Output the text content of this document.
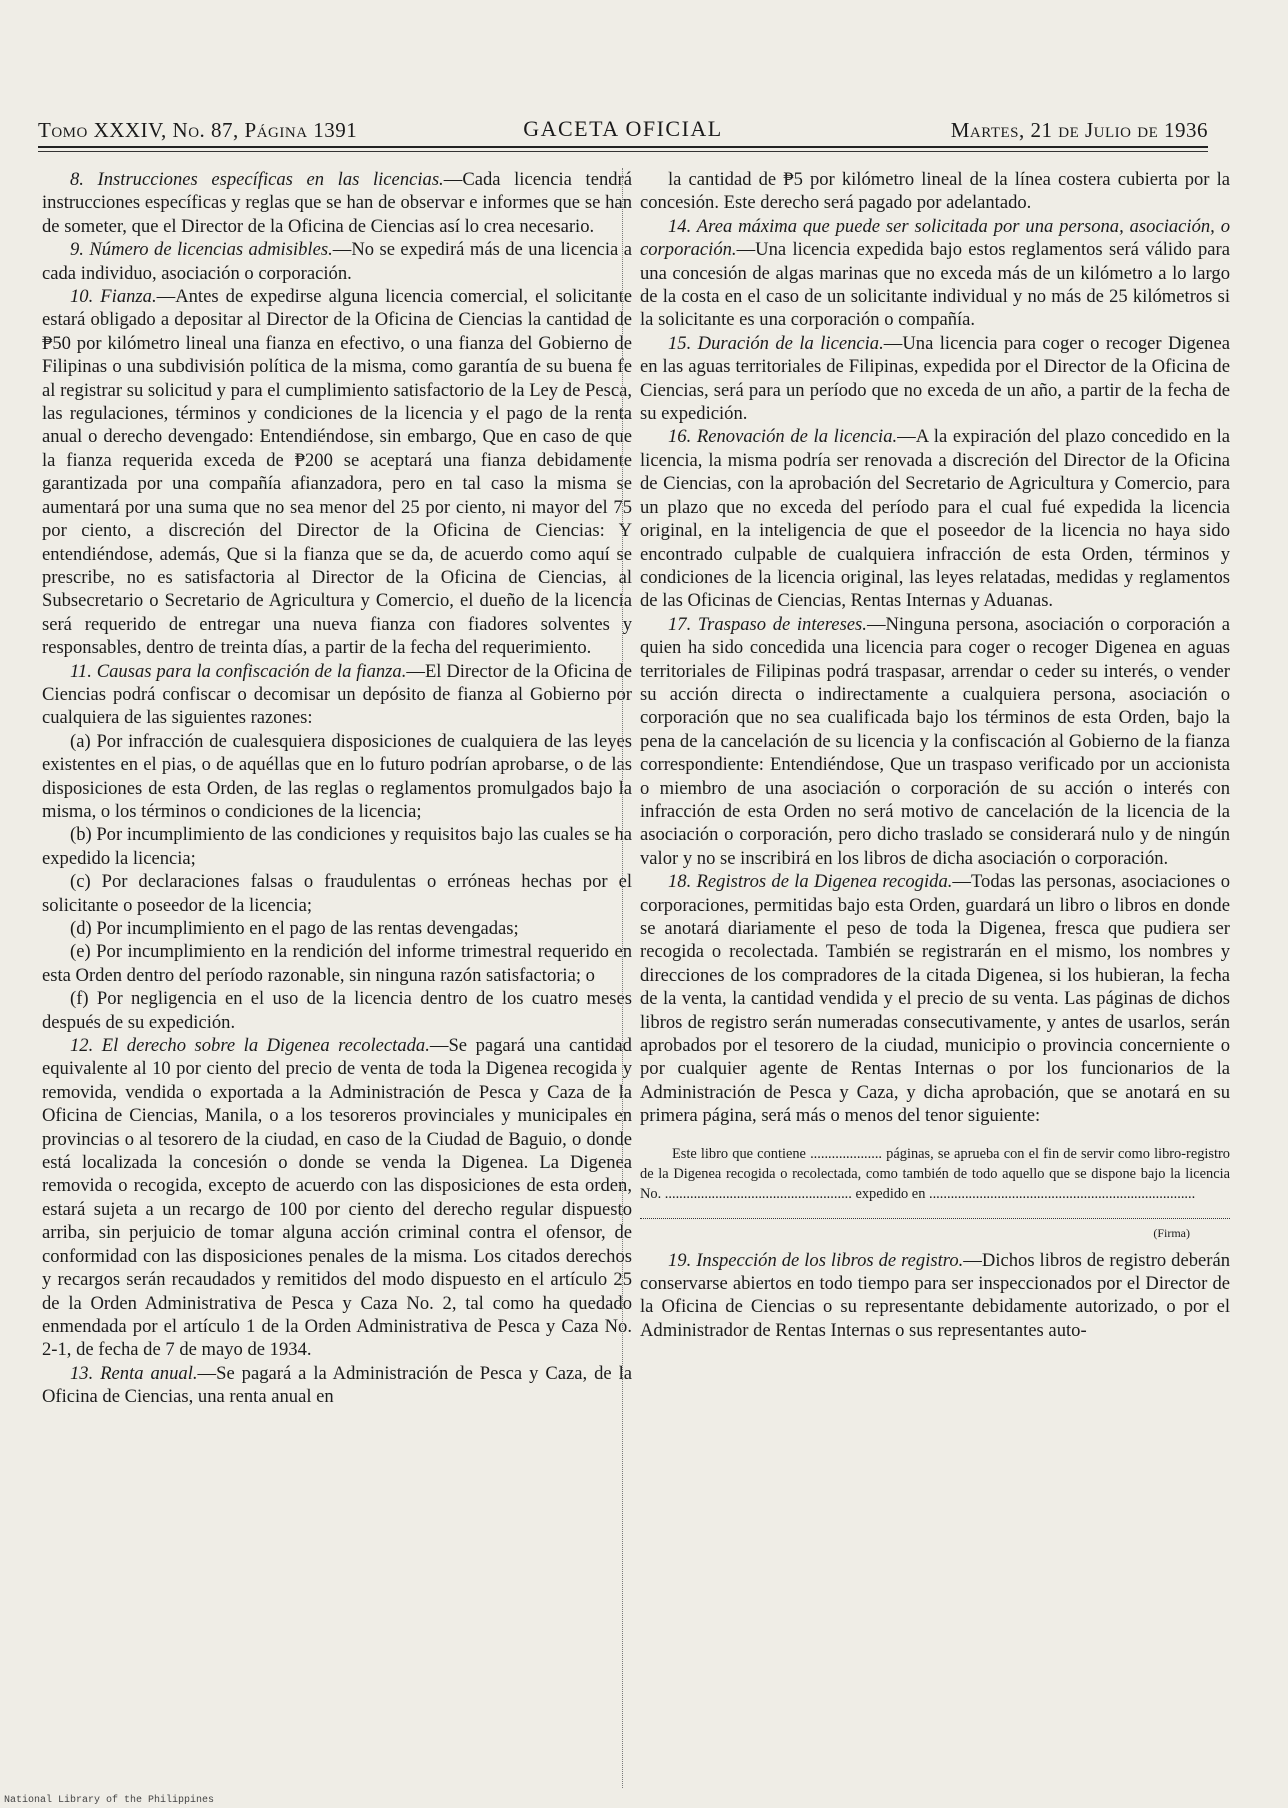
Tomo XXXIV, No. 87, Página 1391	GACETA OFICIAL	Martes, 21 de Julio de 1936

8. Instrucciones específicas en las licencias.—Cada licencia tendrá instrucciones específicas y reglas que se han de observar e informes que se han de someter, que el Director de la Oficina de Ciencias así lo crea necesario.

9. Número de licencias admisibles.—No se expedirá más de una licencia a cada individuo, asociación o corporación.

10. Fianza.—Antes de expedirse alguna licencia comercial, el solicitante estará obligado a depositar al Director de la Oficina de Ciencias la cantidad de ₱50 por kilómetro lineal una fianza en efectivo, o una fianza del Gobierno de Filipinas o una subdivisión política de la misma, como garantía de su buena fe al registrar su solicitud y para el cumplimiento satisfactorio de la Ley de Pesca, las regulaciones, términos y condiciones de la licencia y el pago de la renta anual o derecho devengado: Entendiéndose, sin embargo, Que en caso de que la fianza requerida exceda de ₱200 se aceptará una fianza debidamente garantizada por una compañía afianzadora, pero en tal caso la misma se aumentará por una suma que no sea menor del 25 por ciento, ni mayor del 75 por ciento, a discreción del Director de la Oficina de Ciencias: Y entendiéndose, además, Que si la fianza que se da, de acuerdo como aquí se prescribe, no es satisfactoria al Director de la Oficina de Ciencias, al Subsecretario o Secretario de Agricultura y Comercio, el dueño de la licencia será requerido de entregar una nueva fianza con fiadores solventes y responsables, dentro de treinta días, a partir de la fecha del requerimiento.

11. Causas para la confiscación de la fianza.—El Director de la Oficina de Ciencias podrá confiscar o decomisar un depósito de fianza al Gobierno por cualquiera de las siguientes razones:

(a) Por infracción de cualesquiera disposiciones de cualquiera de las leyes existentes en el pias, o de aquéllas que en lo futuro podrían aprobarse, o de las disposiciones de esta Orden, de las reglas o reglamentos promulgados bajo la misma, o los términos o condiciones de la licencia;

(b) Por incumplimiento de las condiciones y requisitos bajo las cuales se ha expedido la licencia;

(c) Por declaraciones falsas o fraudulentas o erróneas hechas por el solicitante o poseedor de la licencia;

(d) Por incumplimiento en el pago de las rentas devengadas;

(e) Por incumplimiento en la rendición del informe trimestral requerido en esta Orden dentro del período razonable, sin ninguna razón satisfactoria; o

(f) Por negligencia en el uso de la licencia dentro de los cuatro meses después de su expedición.

12. El derecho sobre la Digenea recolectada.—Se pagará una cantidad equivalente al 10 por ciento del precio de venta de toda la Digenea recogida y removida, vendida o exportada a la Administración de Pesca y Caza de la Oficina de Ciencias, Manila, o a los tesoreros provinciales y municipales en provincias o al tesorero de la ciudad, en caso de la Ciudad de Baguio, o donde está localizada la concesión o donde se venda la Digenea. La Digenea removida o recogida, excepto de acuerdo con las disposiciones de esta orden, estará sujeta a un recargo de 100 por ciento del derecho regular dispuesto arriba, sin perjuicio de tomar alguna acción criminal contra el ofensor, de conformidad con las disposiciones penales de la misma. Los citados derechos y recargos serán recaudados y remitidos del modo dispuesto en el artículo 25 de la Orden Administrativa de Pesca y Caza No. 2, tal como ha quedado enmendada por el artículo 1 de la Orden Administrativa de Pesca y Caza No. 2-1, de fecha de 7 de mayo de 1934.

13. Renta anual.—Se pagará a la Administración de Pesca y Caza, de la Oficina de Ciencias, una renta anual en

la cantidad de ₱5 por kilómetro lineal de la línea costera cubierta por la concesión. Este derecho será pagado por adelantado.

14. Area máxima que puede ser solicitada por una persona, asociación, o corporación.—Una licencia expedida bajo estos reglamentos será válido para una concesión de algas marinas que no exceda más de un kilómetro a lo largo de la costa en el caso de un solicitante individual y no más de 25 kilómetros si la solicitante es una corporación o compañía.

15. Duración de la licencia.—Una licencia para coger o recoger Digenea en las aguas territoriales de Filipinas, expedida por el Director de la Oficina de Ciencias, será para un período que no exceda de un año, a partir de la fecha de su expedición.

16. Renovación de la licencia.—A la expiración del plazo concedido en la licencia, la misma podría ser renovada a discreción del Director de la Oficina de Ciencias, con la aprobación del Secretario de Agricultura y Comercio, para un plazo que no exceda del período para el cual fué expedida la licencia original, en la inteligencia de que el poseedor de la licencia no haya sido encontrado culpable de cualquiera infracción de esta Orden, términos y condiciones de la licencia original, las leyes relatadas, medidas y reglamentos de las Oficinas de Ciencias, Rentas Internas y Aduanas.

17. Traspaso de intereses.—Ninguna persona, asociación o corporación a quien ha sido concedida una licencia para coger o recoger Digenea en aguas territoriales de Filipinas podrá traspasar, arrendar o ceder su interés, o vender su acción directa o indirectamente a cualquiera persona, asociación o corporación que no sea cualificada bajo los términos de esta Orden, bajo la pena de la cancelación de su licencia y la confiscación al Gobierno de la fianza correspondiente: Entendiéndose, Que un traspaso verificado por un accionista o miembro de una asociación o corporación de su acción o interés con infracción de esta Orden no será motivo de cancelación de la licencia de la asociación o corporación, pero dicho traslado se considerará nulo y de ningún valor y no se inscribirá en los libros de dicha asociación o corporación.

18. Registros de la Digenea recogida.—Todas las personas, asociaciones o corporaciones, permitidas bajo esta Orden, guardará un libro o libros en donde se anotará diariamente el peso de toda la Digenea, fresca que pudiera ser recogida o recolectada. También se registrarán en el mismo, los nombres y direcciones de los compradores de la citada Digenea, si los hubieran, la fecha de la venta, la cantidad vendida y el precio de su venta. Las páginas de dichos libros de registro serán numeradas consecutivamente, y antes de usarlos, serán aprobados por el tesorero de la ciudad, municipio o provincia concerniente o por cualquier agente de Rentas Internas o por los funcionarios de la Administración de Pesca y Caza, y dicha aprobación, que se anotará en su primera página, será más o menos del tenor siguiente:

Este libro que contiene .................... páginas, se aprueba con el fin de servir como libro-registro de la Digenea recogida o recolectada, como también de todo aquello que se dispone bajo la licencia No. .................................................... expedido en ..........................................................................

(Firma)

19. Inspección de los libros de registro.—Dichos libros de registro deberán conservarse abiertos en todo tiempo para ser inspeccionados por el Director de la Oficina de Ciencias o su representante debidamente autorizado, o por el Administrador de Rentas Internas o sus representantes auto-

National Library of the Philippines
